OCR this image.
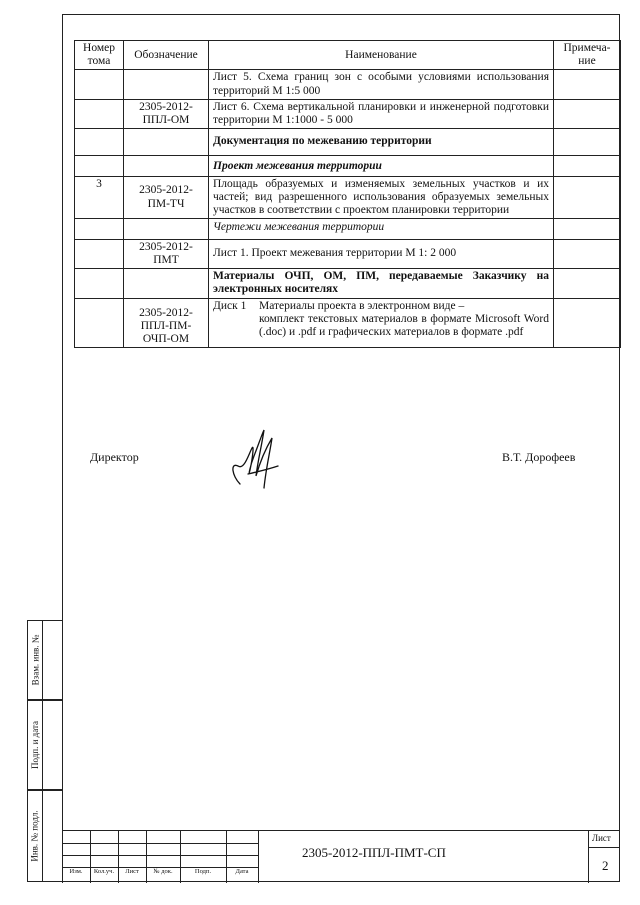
Номер тома	Обозначение	Наименование	Примеча-ние
		Лист 5. Схема границ зон с особыми условиями использования территорий М 1:5 000	
	2305-2012-ППЛ-ОМ	Лист 6. Схема вертикальной планировки и инженерной подготовки территории М 1:1000 - 5 000	
		Документация по межеванию территории	
		Проект межевания территории	
3	2305-2012-ПМ-ТЧ	Площадь образуемых и изменяемых земельных участков и их частей; вид разрешенного использования образуемых земельных участков в соответствии с проектом планировки территории	
		Чертежи межевания территории	
	2305-2012-ПМТ	Лист 1. Проект межевания территории М 1: 2 000	
		Материалы ОЧП, ОМ, ПМ, передаваемые Заказчику на электронных носителях	
	2305-2012-ППЛ-ПМ-ОЧП-ОМ	Диск 1 Материалы проекта в электронном виде –
комплект текстовых материалов в формате Microsoft Word (.doc) и .pdf и графических материалов в формате .pdf	
Директор	В.Т. Дорофеев
Взам. инв. №
Подп. и дата
Инв. № подл.
Изм.	Кол.уч.	Лист	№ док.	Подп.	Дата
2305-2012-ППЛ-ПМТ-СП
Лист
2
